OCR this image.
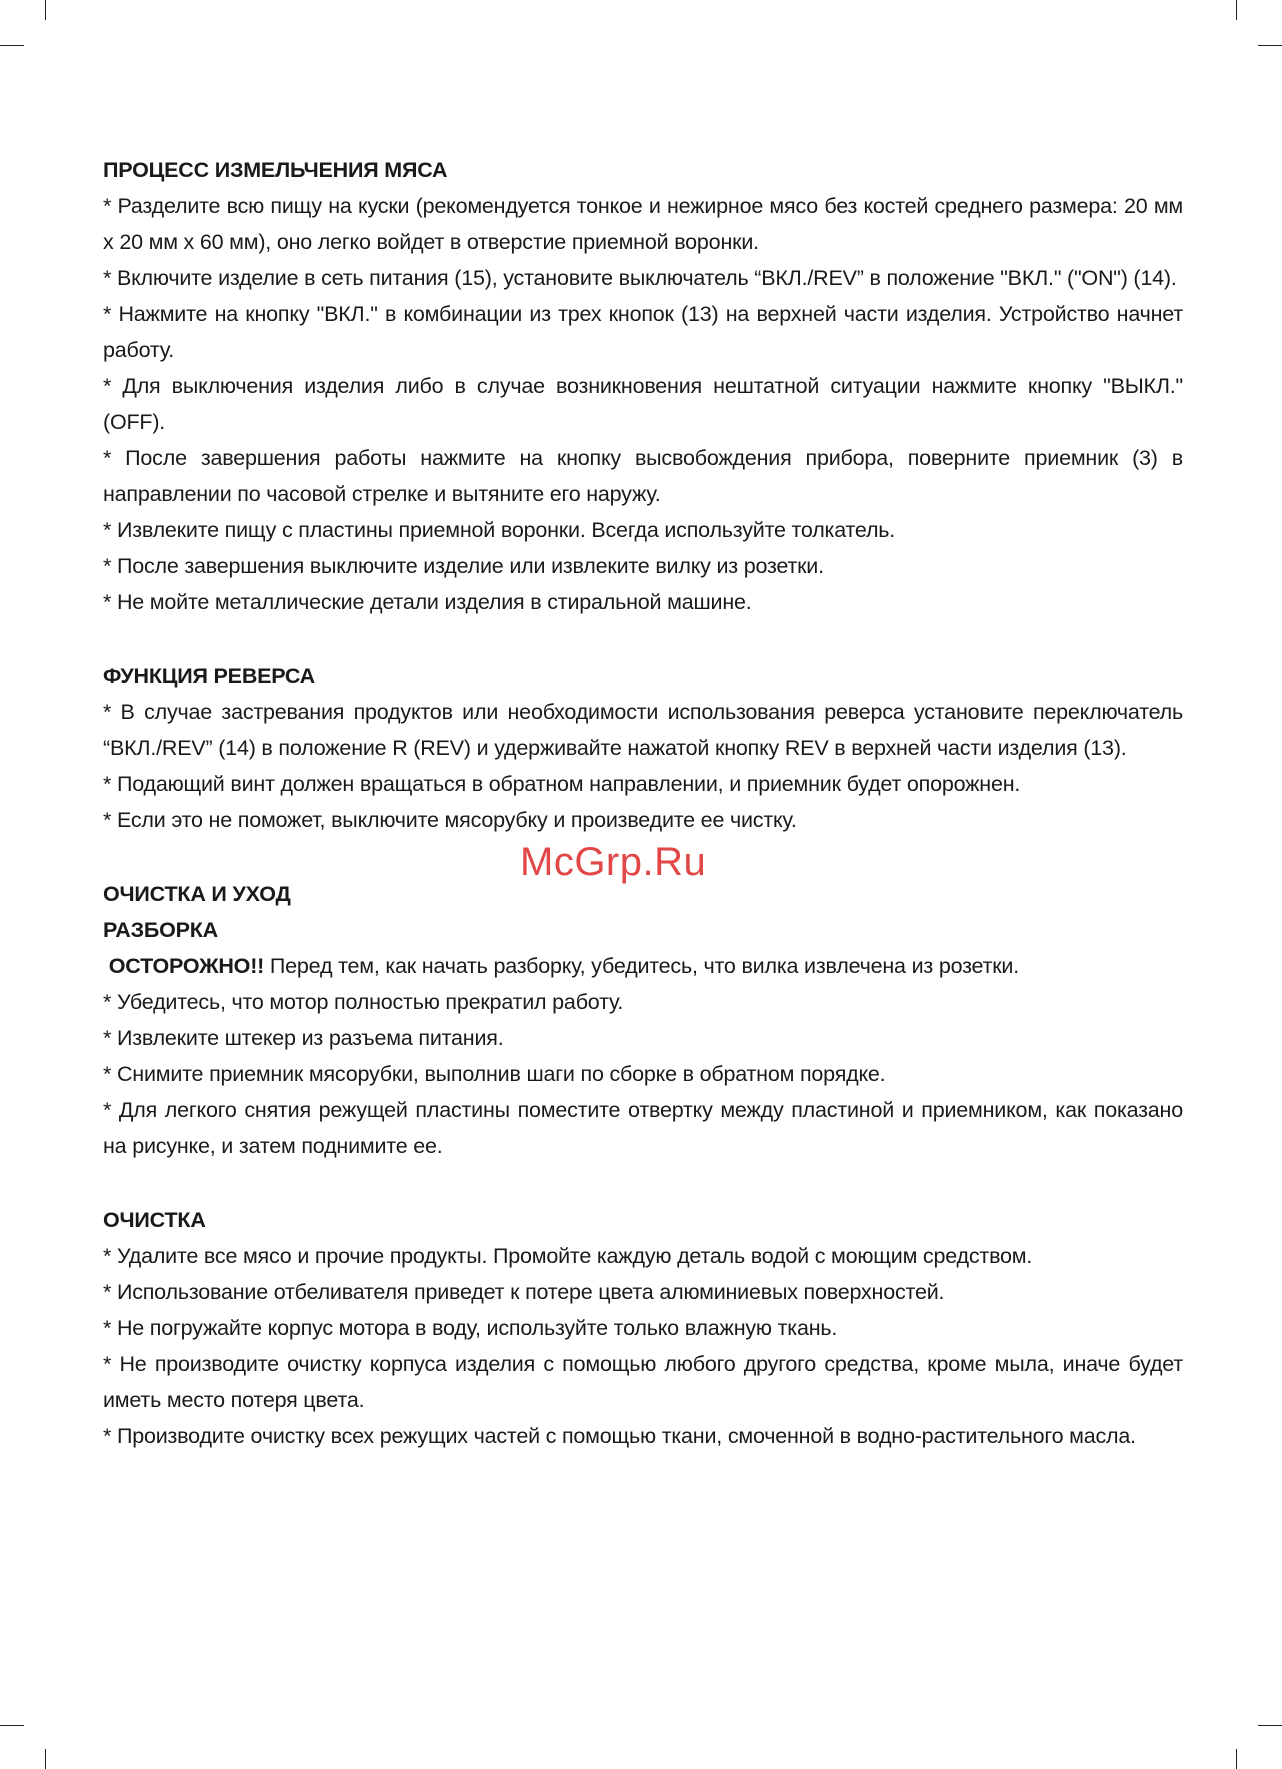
ПРОЦЕСС ИЗМЕЛЬЧЕНИЯ МЯСА

* Разделите всю пищу на куски (рекомендуется тонкое и нежирное мясо без костей среднего размера: 20 мм х 20 мм х 60 мм), оно легко войдет в отверстие приемной воронки.

* Включите изделие в сеть питания (15), установите выключатель “ВКЛ./REV” в положение "ВКЛ." ("ON") (14).

* Нажмите на кнопку "ВКЛ." в комбинации из трех кнопок (13) на верхней части изделия. Устройство начнет работу.

* Для выключения изделия либо в случае возникновения нештатной ситуации нажмите кнопку "ВЫКЛ." (OFF).

* После завершения работы нажмите на кнопку высвобождения прибора, поверните приемник (3) в направлении по часовой стрелке и вытяните его наружу.

* Извлеките пищу с пластины приемной воронки. Всегда используйте толкатель.

* После завершения выключите изделие или извлеките вилку из розетки.

* Не мойте металлические детали изделия в стиральной машине.

ФУНКЦИЯ РЕВЕРСА

* В случае застревания продуктов или необходимости использования реверса установите переключатель “ВКЛ./REV” (14) в положение R (REV) и удерживайте нажатой кнопку REV в верхней части изделия (13).

* Подающий винт должен вращаться в обратном направлении, и приемник будет опорожнен.

* Если это не поможет, выключите мясорубку и произведите ее чистку.

ОЧИСТКА И УХОД
РАЗБОРКА

ОСТОРОЖНО!! Перед тем, как начать разборку, убедитесь, что вилка извлечена из розетки.

* Убедитесь, что мотор полностью прекратил работу.

* Извлеките штекер из разъема питания.

* Снимите приемник мясорубки, выполнив шаги по сборке в обратном порядке.

* Для легкого снятия режущей пластины поместите отвертку между пластиной и приемником, как показано на рисунке, и затем поднимите ее.

ОЧИСТКА

* Удалите все мясо и прочие продукты. Промойте каждую деталь водой с моющим средством.

* Использование отбеливателя приведет к потере цвета алюминиевых поверхностей.

* Не погружайте корпус мотора в воду, используйте только влажную ткань.

* Не производите очистку корпуса изделия с помощью любого другого средства, кроме мыла, иначе будет иметь место потеря цвета.

* Производите очистку всех режущих частей с помощью ткани, смоченной в водно-растительного масла.

McGrp.Ru
